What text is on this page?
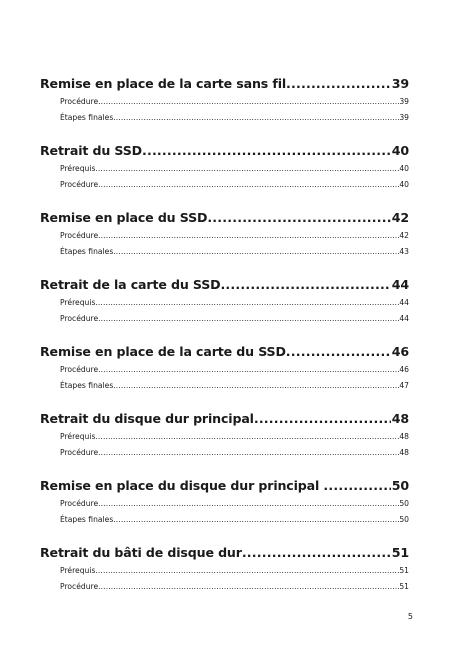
Remise en place de la carte sans fil .....	39
Procédure .....	39
Étapes finales .....	39
Retrait du SSD .....	40
Prérequis .....	40
Procédure .....	40
Remise en place du SSD .....	42
Procédure .....	42
Étapes finales .....	43
Retrait de la carte du SSD .....	44
Prérequis .....	44
Procédure .....	44
Remise en place de la carte du SSD .....	46
Procédure .....	46
Étapes finales .....	47
Retrait du disque dur principal .....	48
Prérequis .....	48
Procédure .....	48
Remise en place du disque dur principal .....	50
Procédure .....	50
Étapes finales .....	50
Retrait du bâti de disque dur .....	51
Prérequis .....	51
Procédure .....	51
5
